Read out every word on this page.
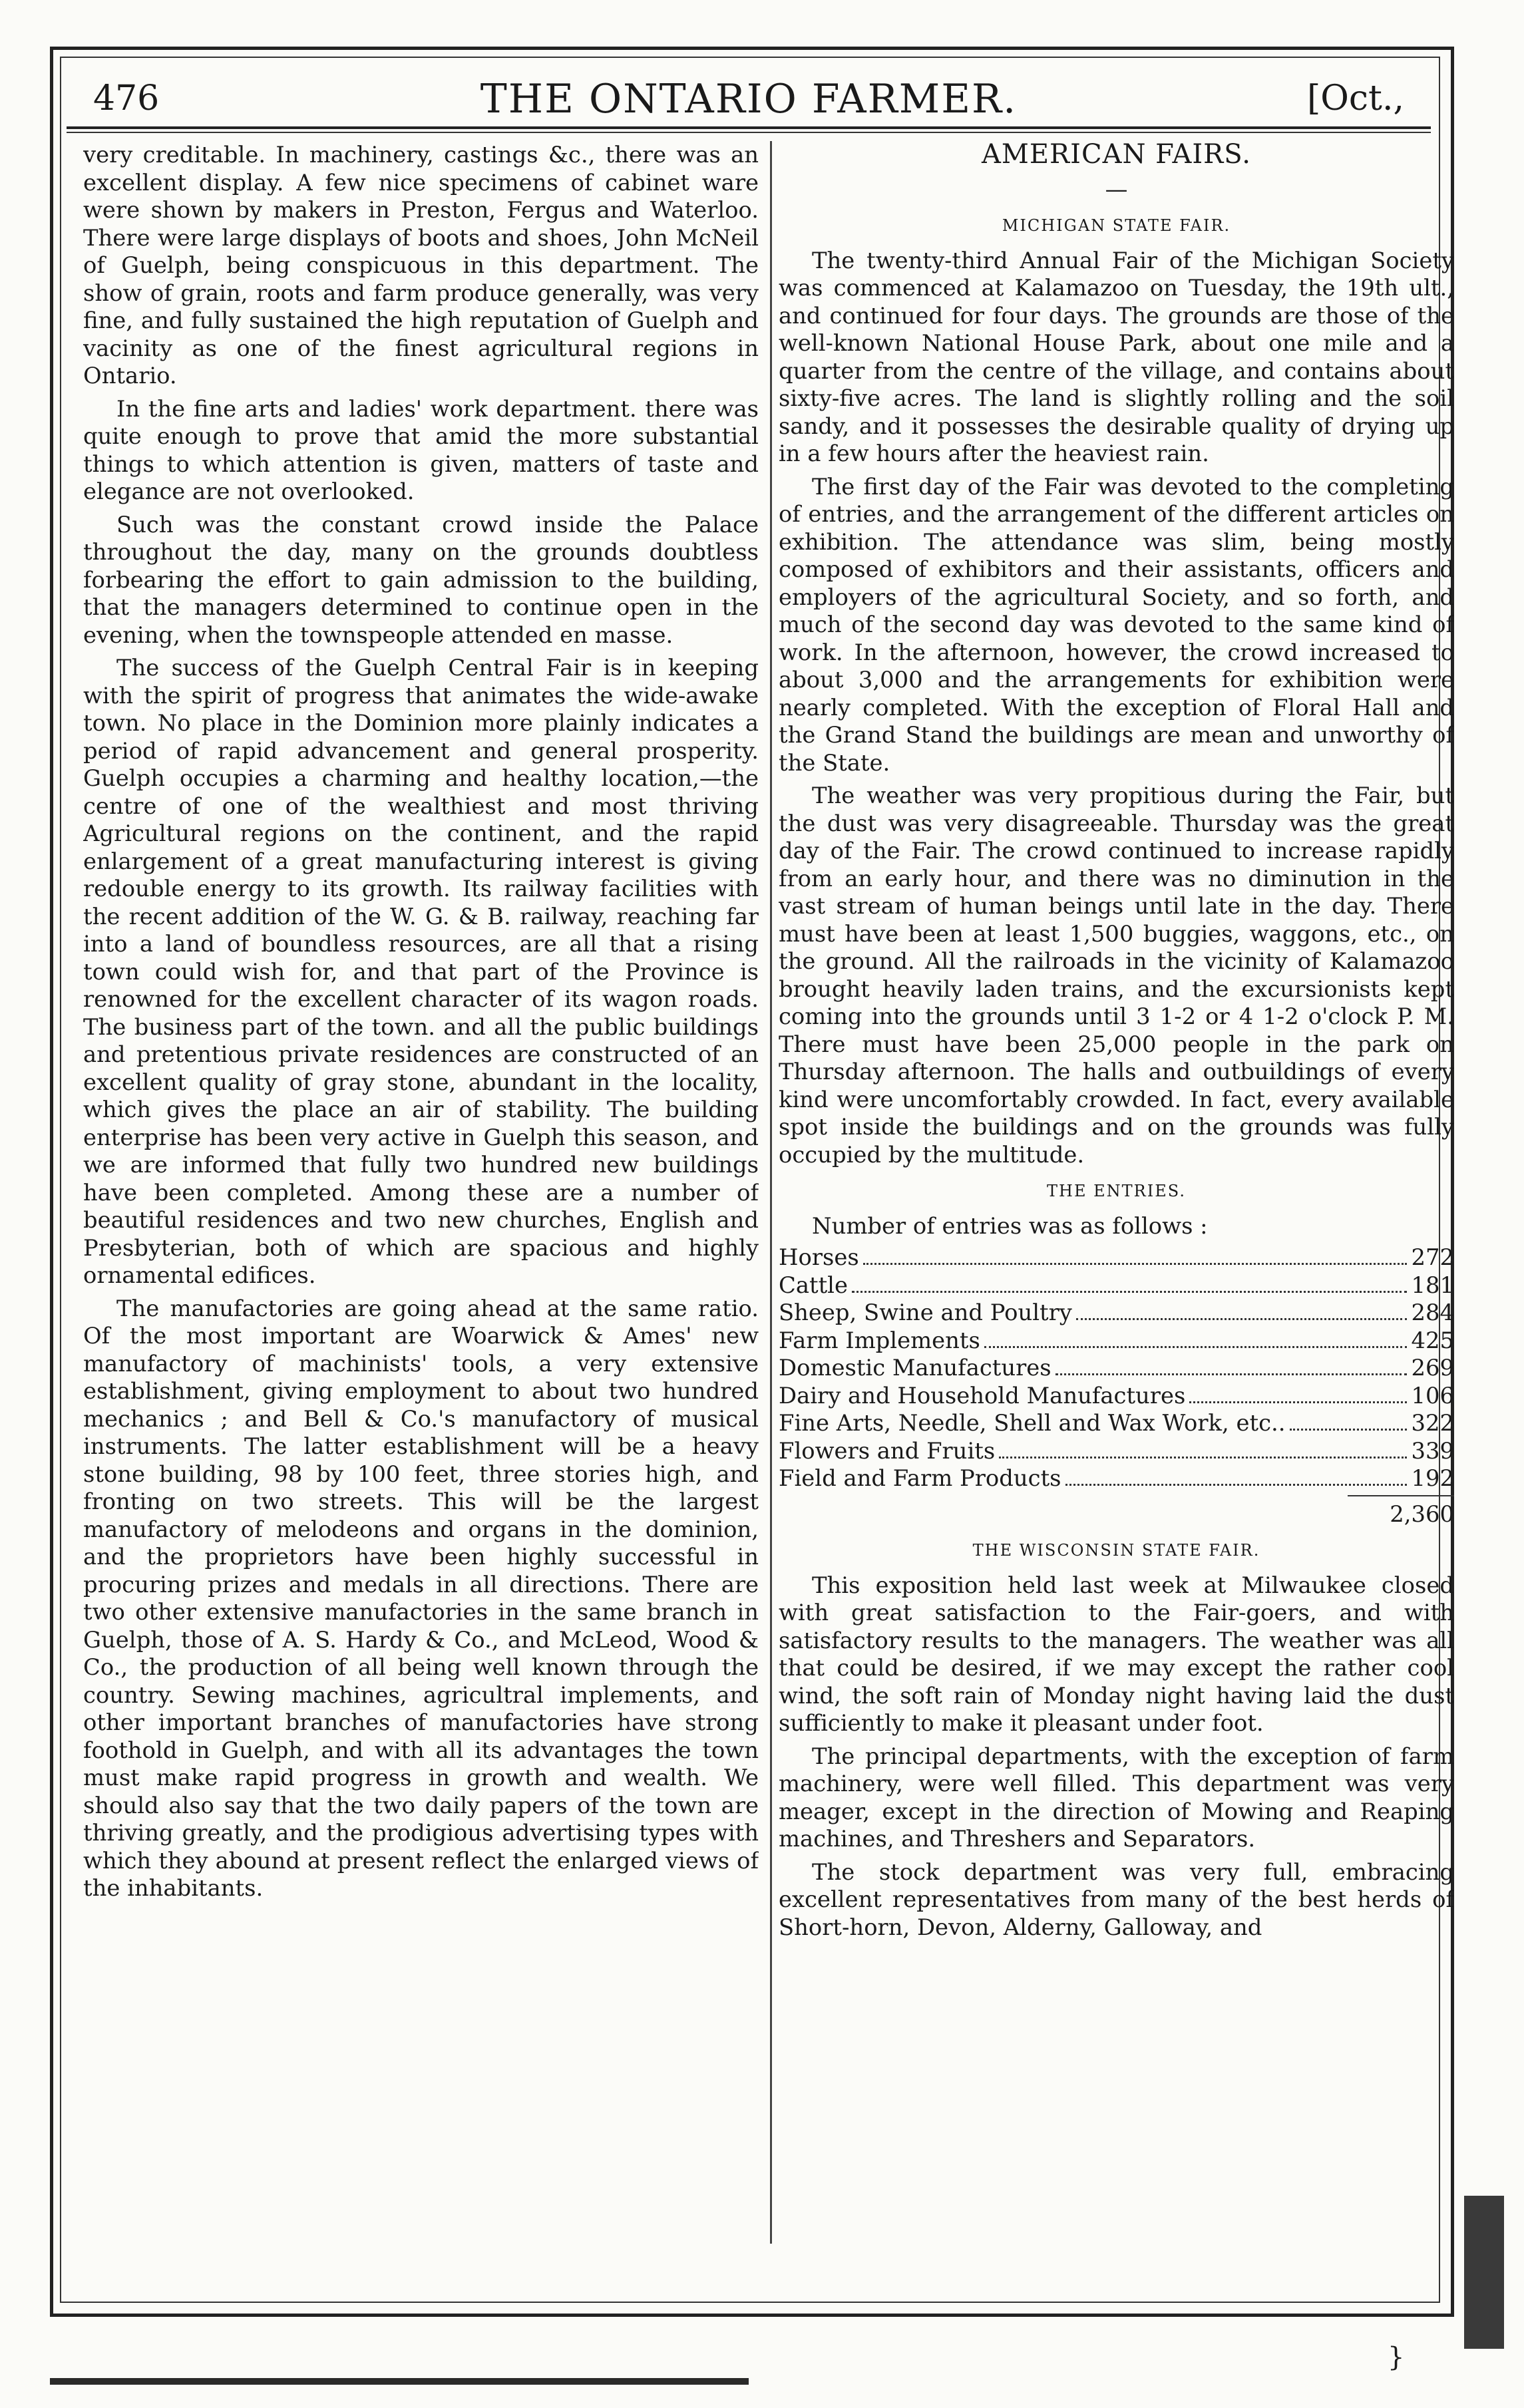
476	THE ONTARIO FARMER.	[Oct.,

very creditable. In machinery, castings &c., there was an excellent display. A few nice specimens of cabinet ware were shown by makers in Preston, Fergus and Waterloo. There were large displays of boots and shoes, John McNeil of Guelph, being conspicuous in this department. The show of grain, roots and farm produce generally, was very fine, and fully sustained the high reputation of Guelph and vacinity as one of the finest agricultural regions in Ontario.

In the fine arts and ladies' work department. there was quite enough to prove that amid the more substantial things to which attention is given, matters of taste and elegance are not overlooked.

Such was the constant crowd inside the Palace throughout the day, many on the grounds doubtless forbearing the effort to gain admission to the building, that the managers determined to continue open in the evening, when the townspeople attended en masse.

The success of the Guelph Central Fair is in keeping with the spirit of progress that animates the wide-awake town. No place in the Dominion more plainly indicates a period of rapid advancement and general prosperity. Guelph occupies a charming and healthy location,—the centre of one of the wealthiest and most thriving Agricultural regions on the continent, and the rapid enlargement of a great manufacturing interest is giving redouble energy to its growth. Its railway facilities with the recent addition of the W. G. & B. railway, reaching far into a land of boundless resources, are all that a rising town could wish for, and that part of the Province is renowned for the excellent character of its wagon roads. The business part of the town. and all the public buildings and pretentious private residences are constructed of an excellent quality of gray stone, abundant in the locality, which gives the place an air of stability. The building enterprise has been very active in Guelph this season, and we are informed that fully two hundred new buildings have been completed. Among these are a number of beautiful residences and two new churches, English and Presbyterian, both of which are spacious and highly ornamental edifices.

The manufactories are going ahead at the same ratio. Of the most important are Woarwick & Ames' new manufactory of machinists' tools, a very extensive establishment, giving employment to about two hundred mechanics ; and Bell & Co.'s manufactory of musical instruments. The latter establishment will be a heavy stone building, 98 by 100 feet, three stories high, and fronting on two streets. This will be the largest manufactory of melodeons and organs in the dominion, and the proprietors have been highly successful in procuring prizes and medals in all directions. There are two other extensive manufactories in the same branch in Guelph, those of A. S. Hardy & Co., and McLeod, Wood & Co., the production of all being well known through the country. Sewing machines, agricultral implements, and other important branches of manufactories have strong foothold in Guelph, and with all its advantages the town must make rapid progress in growth and wealth. We should also say that the two daily papers of the town are thriving greatly, and the prodigious advertising types with which they abound at present reflect the enlarged views of the inhabitants.

AMERICAN FAIRS.
—
MICHIGAN STATE FAIR.

The twenty-third Annual Fair of the Michigan Society was commenced at Kalamazoo on Tuesday, the 19th ult., and continued for four days. The grounds are those of the well-known National House Park, about one mile and a quarter from the centre of the village, and contains about sixty-five acres. The land is slightly rolling and the soil sandy, and it possesses the desirable quality of drying up in a few hours after the heaviest rain.

The first day of the Fair was devoted to the completing of entries, and the arrangement of the different articles on exhibition. The attendance was slim, being mostly composed of exhibitors and their assistants, officers and employers of the agricultural Society, and so forth, and much of the second day was devoted to the same kind of work. In the afternoon, however, the crowd increased to about 3,000 and the arrangements for exhibition were nearly completed. With the exception of Floral Hall and the Grand Stand the buildings are mean and unworthy of the State.

The weather was very propitious during the Fair, but the dust was very disagreeable. Thursday was the great day of the Fair. The crowd continued to increase rapidly from an early hour, and there was no diminution in the vast stream of human beings until late in the day. There must have been at least 1,500 buggies, waggons, etc., on the ground. All the railroads in the vicinity of Kalamazoo brought heavily laden trains, and the excursionists kept coming into the grounds until 3 1-2 or 4 1-2 o'clock P. M. There must have been 25,000 people in the park on Thursday afternoon. The halls and outbuildings of every kind were uncomfortably crowded. In fact, every available spot inside the buildings and on the grounds was fully occupied by the multitude.

THE ENTRIES.
Number of entries was as follows :
Horses	272
Cattle	181
Sheep, Swine and Poultry	284
Farm Implements	425
Domestic Manufactures	269
Dairy and Household Manufactures	106
Fine Arts, Needle, Shell and Wax Work, etc..	322
Flowers and Fruits	339
Field and Farm Products	192
2,360
THE WISCONSIN STATE FAIR.

This exposition held last week at Milwaukee closed with great satisfaction to the Fair-goers, and with satisfactory results to the managers. The weather was all that could be desired, if we may except the rather cool wind, the soft rain of Monday night having laid the dust sufficiently to make it pleasant under foot.

The principal departments, with the exception of farm machinery, were well filled. This department was very meager, except in the direction of Mowing and Reaping machines, and Threshers and Separators.

The stock department was very full, embracing excellent representatives from many of the best herds of Short-horn, Devon, Alderny, Galloway, and

}
